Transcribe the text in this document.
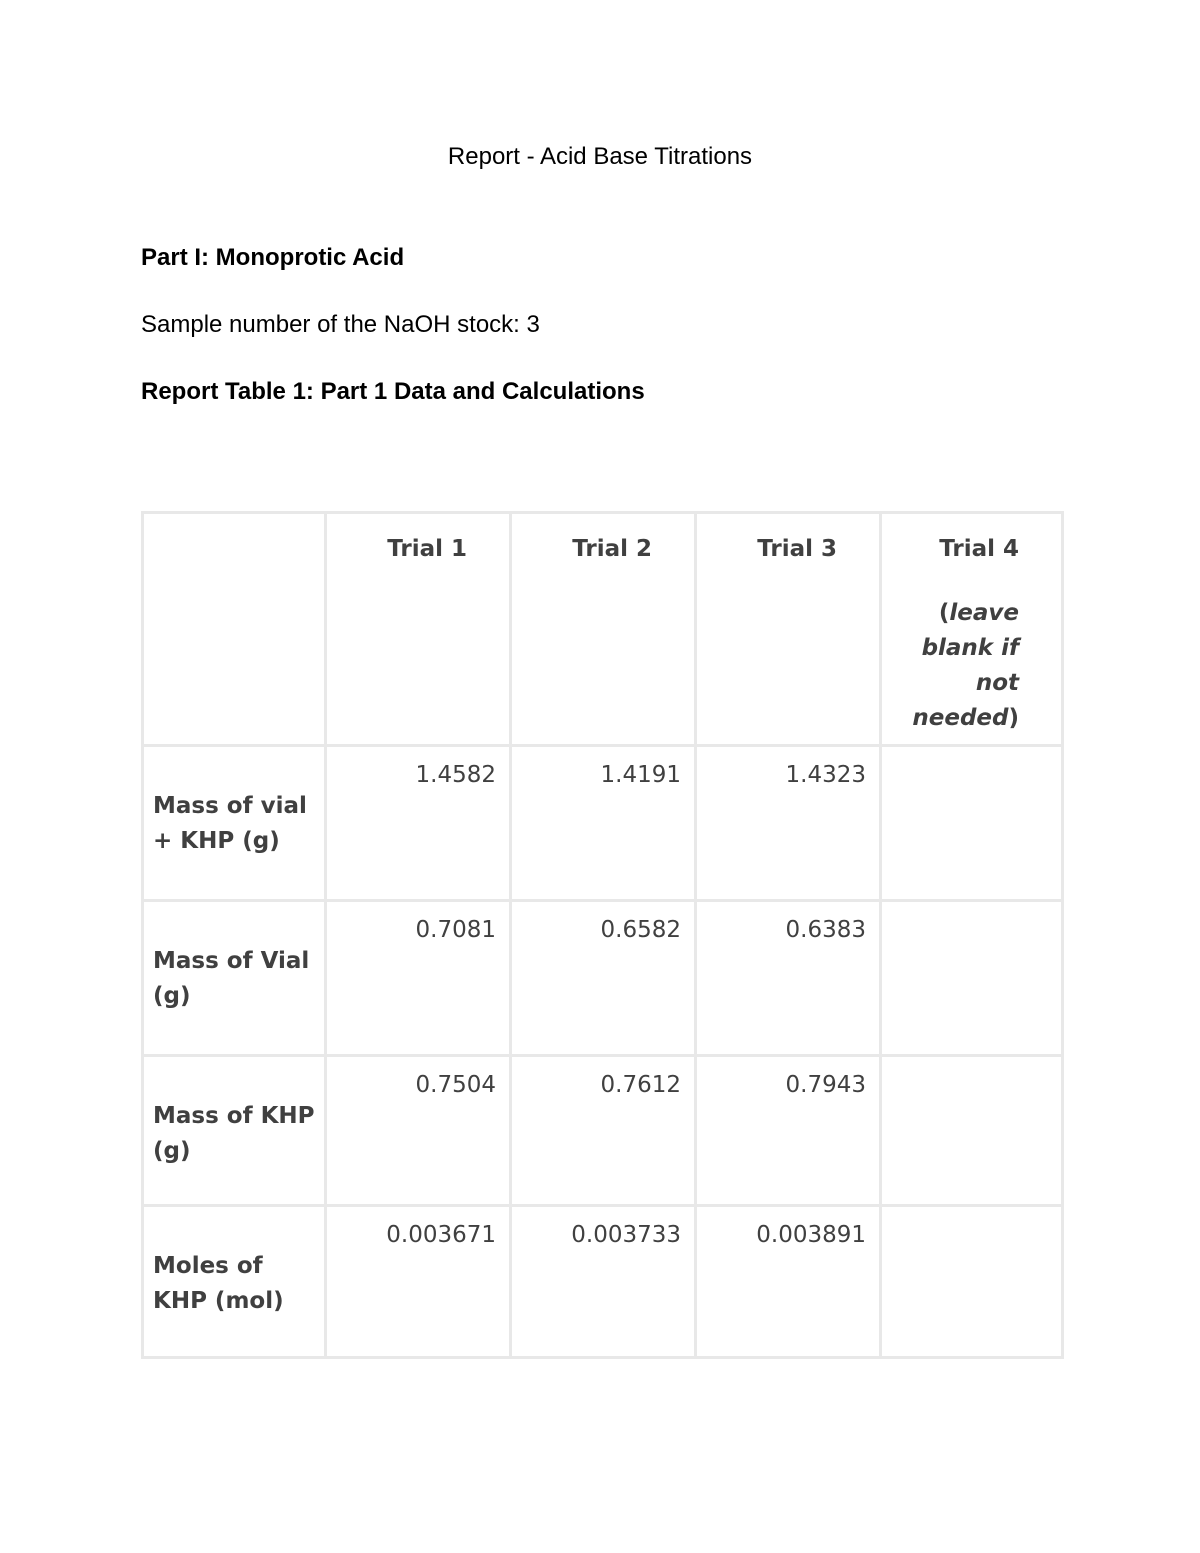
Report - Acid Base Titrations
Part I: Monoprotic Acid
Sample number of the NaOH stock: 3
Report Table 1: Part 1 Data and Calculations
	Trial 1	Trial 2	Trial 3	Trial 4
(leave blank if not needed)

Mass of vial + KHP (g)	1.4582	1.4191	1.4323	
Mass of Vial (g)	0.7081	0.6582	0.6383	
Mass of KHP (g)	0.7504	0.7612	0.7943	
Moles of KHP (mol)	0.003671	0.003733	0.003891	
